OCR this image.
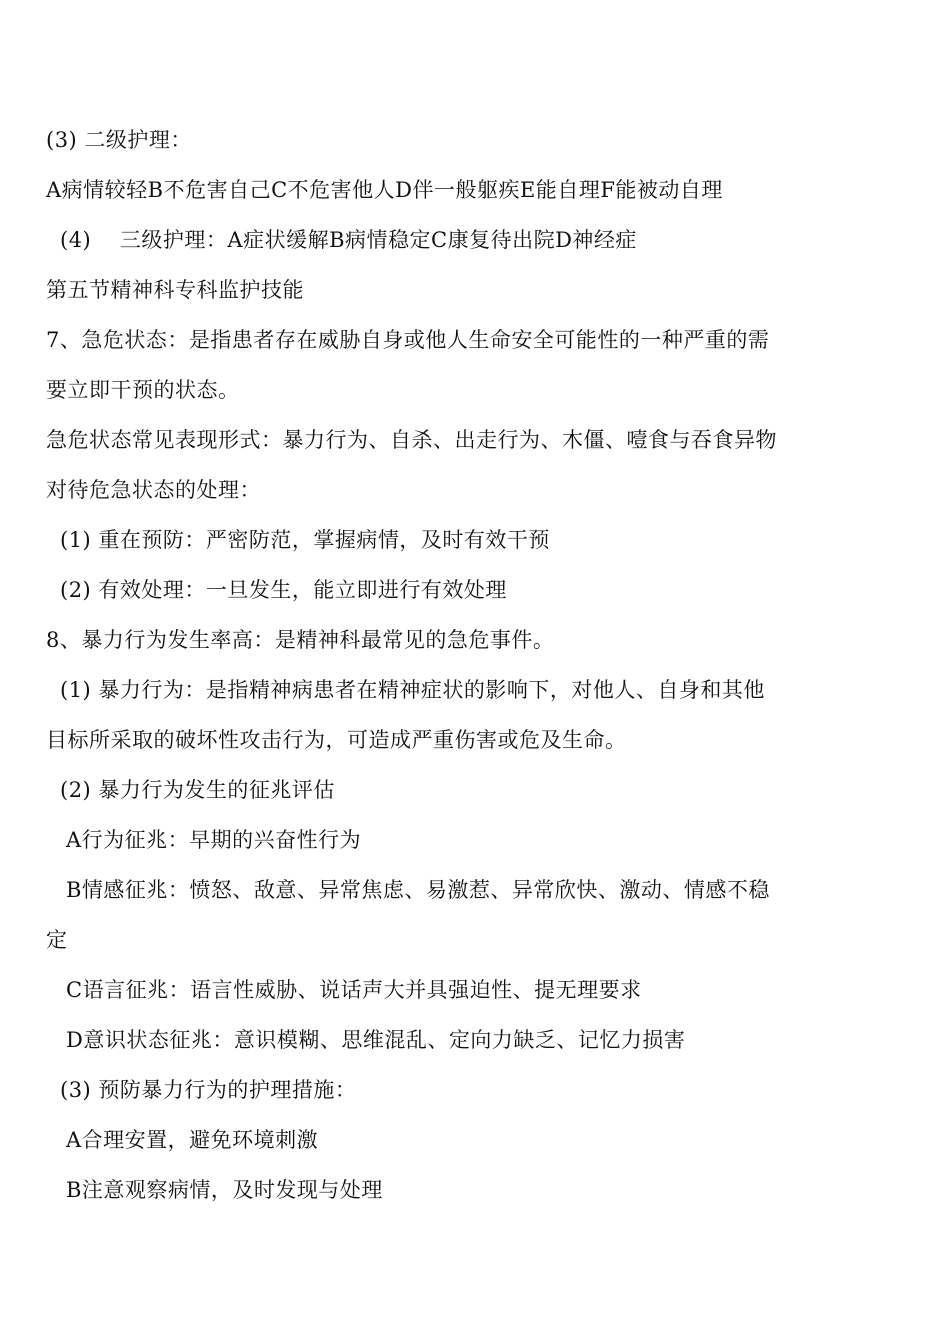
(3) 二级护理：
A病情较轻B不危害自己C不危害他人D伴一般躯疾E能自理F能被动自理
(4)　 三级护理：A症状缓解B病情稳定C康复待出院D神经症
第五节精神科专科监护技能
7、急危状态：是指患者存在威胁自身或他人生命安全可能性的一种严重的需
要立即干预的状态。
急危状态常见表现形式：暴力行为、自杀、出走行为、木僵、噎食与吞食异物
对待危急状态的处理：
(1) 重在预防：严密防范，掌握病情，及时有效干预
(2) 有效处理：一旦发生，能立即进行有效处理
8、暴力行为发生率高：是精神科最常见的急危事件。
(1) 暴力行为：是指精神病患者在精神症状的影响下，对他人、自身和其他
目标所采取的破坏性攻击行为，可造成严重伤害或危及生命。
(2) 暴力行为发生的征兆评估
A行为征兆：早期的兴奋性行为
B情感征兆：愤怒、敌意、异常焦虑、易激惹、异常欣快、激动、情感不稳
定
C语言征兆：语言性威胁、说话声大并具强迫性、提无理要求
D意识状态征兆：意识模糊、思维混乱、定向力缺乏、记忆力损害
(3) 预防暴力行为的护理措施：
A合理安置，避免环境刺激
B注意观察病情，及时发现与处理
